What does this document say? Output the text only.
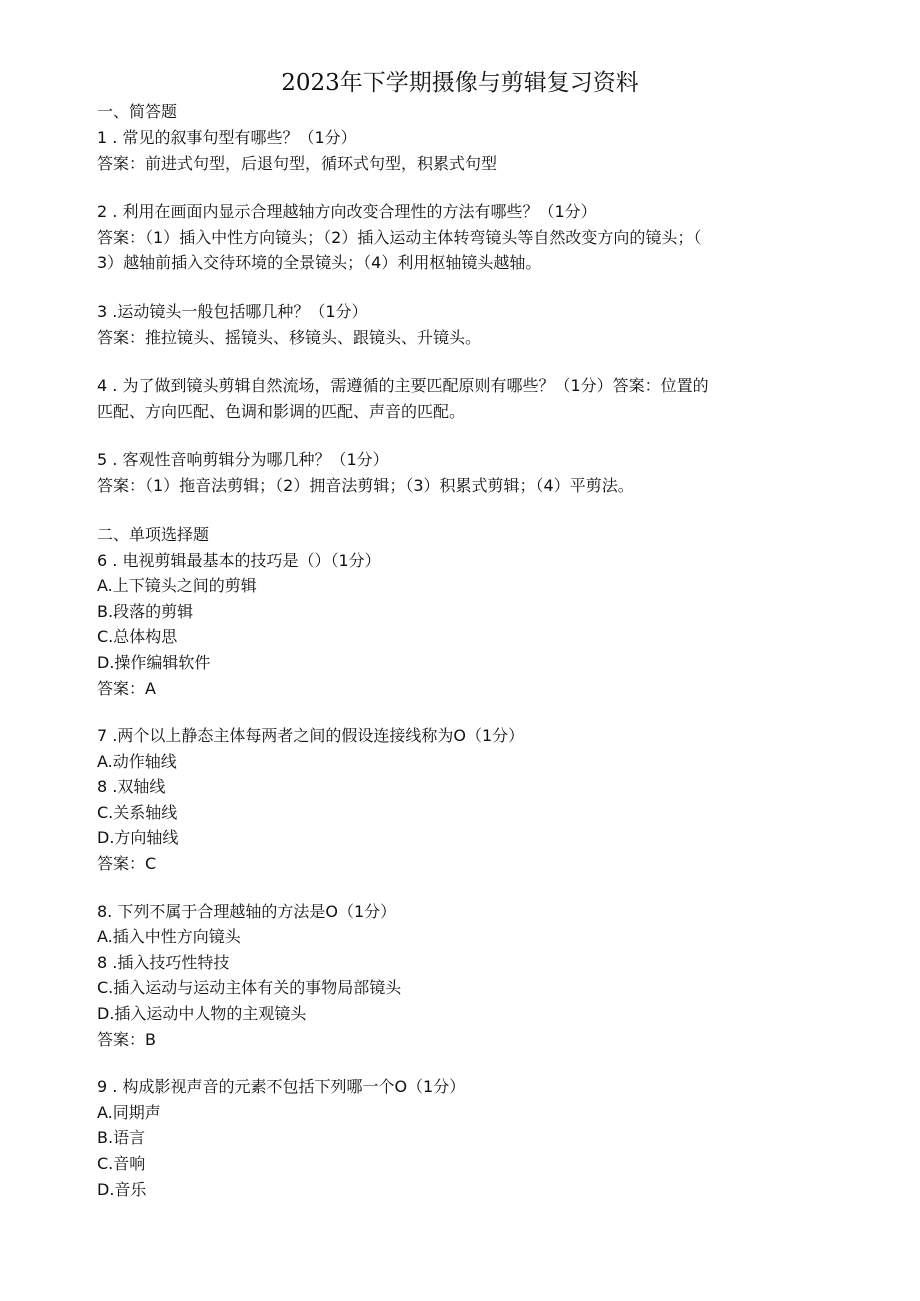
2023年下学期摄像与剪辑复习资料
一、简答题
1 . 常见的叙事句型有哪些？（1分）
答案：前进式句型，后退句型，循环式句型，积累式句型
2 . 利用在画面内显示合理越轴方向改变合理性的方法有哪些？（1分）
答案：（1）插入中性方向镜头；（2）插入运动主体转弯镜头等自然改变方向的镜头；（
3）越轴前插入交待环境的全景镜头；（4）利用枢轴镜头越轴。
3 .运动镜头一般包括哪几种？（1分）
答案：推拉镜头、摇镜头、移镜头、跟镜头、升镜头。
4 . 为了做到镜头剪辑自然流场，需遵循的主要匹配原则有哪些？（1分）答案：位置的
匹配、方向匹配、色调和影调的匹配、声音的匹配。
5 . 客观性音响剪辑分为哪几种？（1分）
答案：（1）拖音法剪辑；（2）拥音法剪辑；（3）积累式剪辑；（4）平剪法。
二、单项选择题
6 . 电视剪辑最基本的技巧是（）（1分）
A.上下镜头之间的剪辑
B.段落的剪辑
C.总体构思
D.操作编辑软件
答案：A
7 .两个以上静态主体每两者之间的假设连接线称为O（1分）
A.动作轴线
8 .双轴线
C.关系轴线
D.方向轴线
答案：C
8. 下列不属于合理越轴的方法是O（1分）
A.插入中性方向镜头
8 .插入技巧性特技
C.插入运动与运动主体有关的事物局部镜头
D.插入运动中人物的主观镜头
答案：B
9 . 构成影视声音的元素不包括下列哪一个O（1分）
A.同期声
B.语言
C.音响
D.音乐
